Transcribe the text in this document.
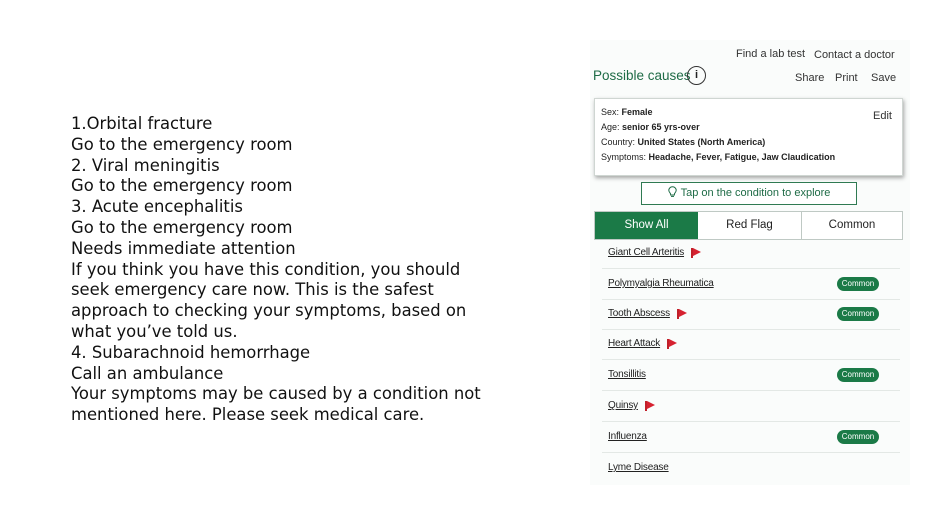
1.Orbital fracture
Go to the emergency room
2. Viral meningitis
Go to the emergency room
3. Acute encephalitis
Go to the emergency room
Needs immediate attention
If you think you have this condition, you should seek emergency care now. This is the safest approach to checking your symptoms, based on what you’ve told us.
4. Subarachnoid hemorrhage
Call an ambulance
Your symptoms may be caused by a condition not mentioned here. Please seek medical care.
Find a lab test Contact a doctor
Share Print Save
Possible causes i
Sex: Female
Age: senior 65 yrs-over
Country: United States (North America)
Symptoms: Headache, Fever, Fatigue, Jaw Claudication
Edit
Tap on the condition to explore
Show All	Red Flag	Common
Giant Cell Arteritis
Polymyalgia Rheumatica	Common
Tooth Abscess	Common
Heart Attack
Tonsillitis	Common
Quinsy
Influenza	Common
Lyme Disease
